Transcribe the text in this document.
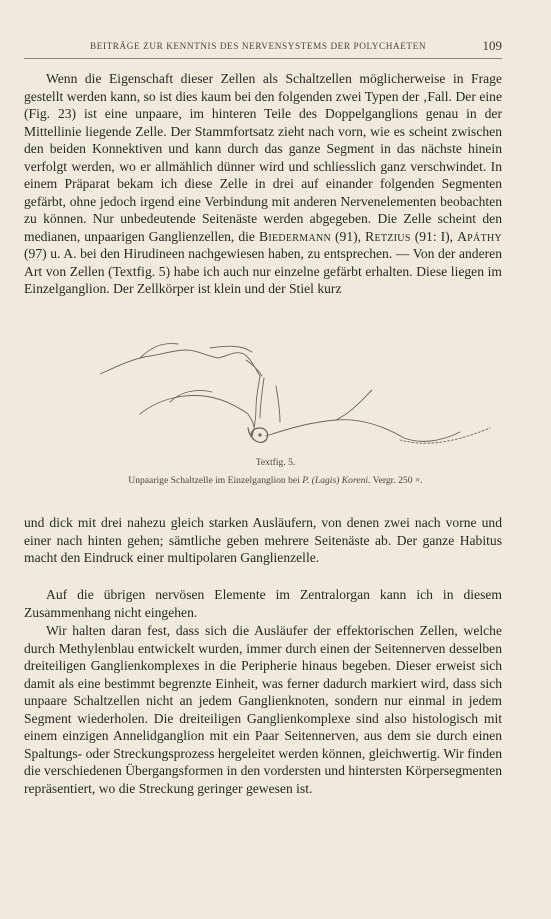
BEITRÄGE ZUR KENNTNIS DES NERVENSYSTEMS DER POLYCHAETEN	109

Wenn die Eigenschaft dieser Zellen als Schaltzellen möglicherweise in Frage gestellt werden kann, so ist dies kaum bei den folgenden zwei Typen der ‚Fall. Der eine (Fig. 23) ist eine unpaare, im hinteren Teile des Doppelganglions genau in der Mittellinie liegende Zelle. Der Stammfortsatz zieht nach vorn, wie es scheint zwischen den beiden Konnektiven und kann durch das ganze Segment in das nächste hinein verfolgt werden, wo er allmählich dünner wird und schliesslich ganz verschwindet. In einem Präparat bekam ich diese Zelle in drei auf einander folgenden Segmenten gefärbt, ohne jedoch irgend eine Verbindung mit anderen Nervenelementen beobachten zu können. Nur unbedeutende Seitenäste werden abgegeben. Die Zelle scheint den medianen, unpaarigen Ganglienzellen, die Biedermann (91), Retzius (91: I), Apáthy (97) u. A. bei den Hirudineen nachgewiesen haben, zu entsprechen. — Von der anderen Art von Zellen (Textfig. 5) habe ich auch nur einzelne gefärbt erhalten. Diese liegen im Einzelganglion. Der Zellkörper ist klein und der Stiel kurz

Textfig. 5.
Unpaarige Schaltzelle im Einzelganglion bei P. (Lagis) Koreni. Vergr. 250 ×.

und dick mit drei nahezu gleich starken Ausläufern, von denen zwei nach vorne und einer nach hinten gehen; sämtliche geben mehrere Seitenäste ab. Der ganze Habitus macht den Eindruck einer multipolaren Ganglienzelle.

Auf die übrigen nervösen Elemente im Zentralorgan kann ich in diesem Zusammenhang nicht eingehen.

Wir halten daran fest, dass sich die Ausläufer der effektorischen Zellen, welche durch Methylenblau entwickelt wurden, immer durch einen der Seitennerven desselben dreiteiligen Ganglienkomplexes in die Peripherie hinaus begeben. Dieser erweist sich damit als eine bestimmt begrenzte Einheit, was ferner dadurch markiert wird, dass sich unpaare Schaltzellen nicht an jedem Ganglienknoten, sondern nur einmal in jedem Segment wiederholen. Die dreiteiligen Ganglienkomplexe sind also histologisch mit einem einzigen Annelidganglion mit ein Paar Seitennerven, aus dem sie durch einen Spaltungs- oder Streckungsprozess hergeleitet werden können, gleichwertig. Wir finden die verschiedenen Übergangsformen in den vordersten und hintersten Körpersegmenten repräsentiert, wo die Streckung geringer gewesen ist.
